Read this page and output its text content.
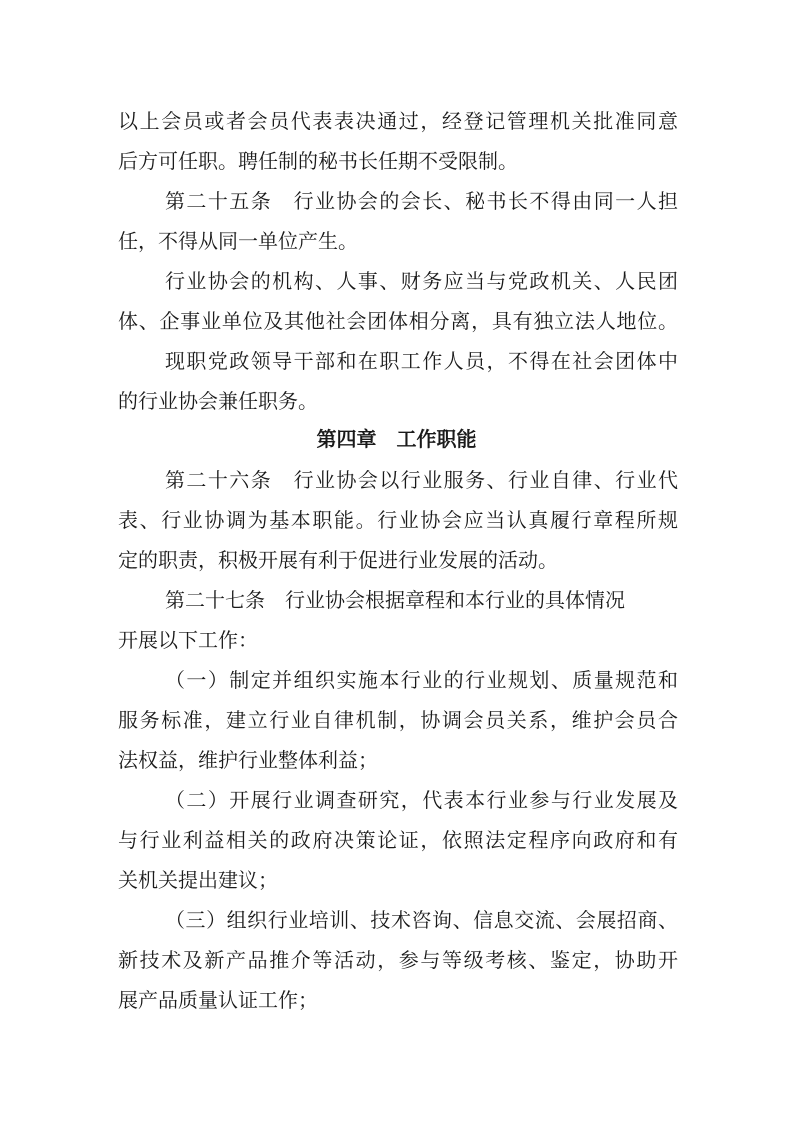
以上会员或者会员代表表决通过，经登记管理机关批准同意

后方可任职。聘任制的秘书长任期不受限制。

第二十五条　行业协会的会长、秘书长不得由同一人担

任，不得从同一单位产生。

行业协会的机构、人事、财务应当与党政机关、人民团

体、企事业单位及其他社会团体相分离，具有独立法人地位。

现职党政领导干部和在职工作人员，不得在社会团体中

的行业协会兼任职务。

第四章　工作职能

第二十六条　行业协会以行业服务、行业自律、行业代

表、行业协调为基本职能。行业协会应当认真履行章程所规

定的职责，积极开展有利于促进行业发展的活动。

第二十七条　行业协会根据章程和本行业的具体情况

开展以下工作：

（一）制定并组织实施本行业的行业规划、质量规范和

服务标准，建立行业自律机制，协调会员关系，维护会员合

法权益，维护行业整体利益；

（二）开展行业调查研究，代表本行业参与行业发展及

与行业利益相关的政府决策论证，依照法定程序向政府和有

关机关提出建议；

（三）组织行业培训、技术咨询、信息交流、会展招商、

新技术及新产品推介等活动，参与等级考核、鉴定，协助开

展产品质量认证工作；
